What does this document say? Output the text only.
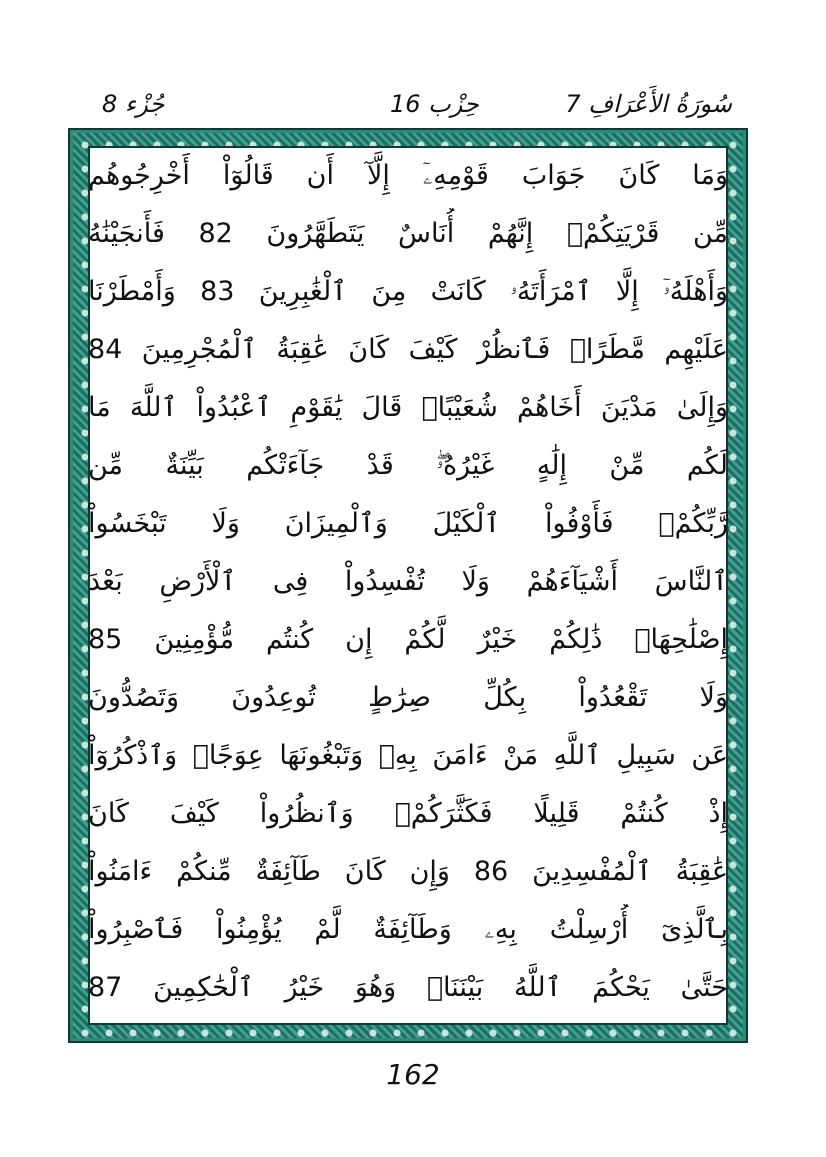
جُزْء 8	حِزْب 16	7 سُورَةُ الأَعْرَافِ
وَمَا كَانَ جَوَابَ قَوْمِهِۦٓ إِلَّآ أَن قَالُوٓاْ أَخْرِجُوهُم
مِّن قَرْيَتِكُمْۖ إِنَّهُمْ أُنَاسٌ يَتَطَهَّرُونَ 82 فَأَنجَيْنَٰهُ
وَأَهْلَهُۥٓ إِلَّا ٱمْرَأَتَهُۥ كَانَتْ مِنَ ٱلْغَٰبِرِينَ 83 وَأَمْطَرْنَا
عَلَيْهِم مَّطَرًاۖ فَٱنظُرْ كَيْفَ كَانَ عَٰقِبَةُ ٱلْمُجْرِمِينَ 84
وَإِلَىٰ مَدْيَنَ أَخَاهُمْ شُعَيْبًاۚ قَالَ يَٰقَوْمِ ٱعْبُدُواْ ٱللَّهَ مَا
لَكُم مِّنْ إِلَٰهٍ غَيْرُهُۥۖ قَدْ جَآءَتْكُم بَيِّنَةٌ مِّن
رَّبِّكُمْۖ فَأَوْفُواْ ٱلْكَيْلَ وَٱلْمِيزَانَ وَلَا تَبْخَسُواْ
ٱلنَّاسَ أَشْيَآءَهُمْ وَلَا تُفْسِدُواْ فِى ٱلْأَرْضِ بَعْدَ
إِصْلَٰحِهَاۚ ذَٰلِكُمْ خَيْرٌ لَّكُمْ إِن كُنتُم مُّؤْمِنِينَ 85
وَلَا تَقْعُدُواْ بِكُلِّ صِرَٰطٍ تُوعِدُونَ وَتَصُدُّونَ
عَن سَبِيلِ ٱللَّهِ مَنْ ءَامَنَ بِهِۦ وَتَبْغُونَهَا عِوَجًاۚ وَٱذْكُرُوٓاْ
إِذْ كُنتُمْ قَلِيلًا فَكَثَّرَكُمْۖ وَٱنظُرُواْ كَيْفَ كَانَ
عَٰقِبَةُ ٱلْمُفْسِدِينَ 86 وَإِن كَانَ طَآئِفَةٌ مِّنكُمْ ءَامَنُواْ
بِٱلَّذِىٓ أُرْسِلْتُ بِهِۦ وَطَآئِفَةٌ لَّمْ يُؤْمِنُواْ فَٱصْبِرُواْ
حَتَّىٰ يَحْكُمَ ٱللَّهُ بَيْنَنَاۚ وَهُوَ خَيْرُ ٱلْحَٰكِمِينَ 87
162
